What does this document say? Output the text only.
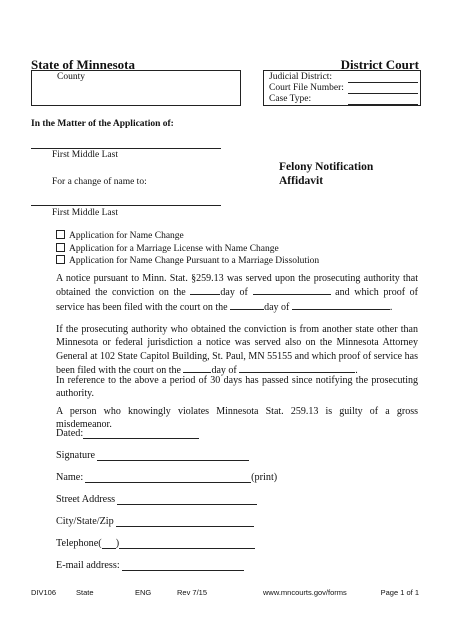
State of Minnesota	District Court
County	Judicial District:
Court File Number:
Case Type:
In the Matter of the Application of:
First Middle Last
For a change of name to:
First Middle Last
Felony Notification
Affidavit
Application for Name Change
Application for a Marriage License with Name Change
Application for Name Change Pursuant to a Marriage Dissolution
A notice pursuant to Minn. Stat. §259.13 was served upon the prosecuting authority that obtained the conviction on the	day of	and which proof of service has been filed with the court on the	day of	.
If the prosecuting authority who obtained the conviction is from another state other than Minnesota or federal jurisdiction a notice was served also on the Minnesota Attorney General at 102 State Capitol Building, St. Paul, MN 55155 and which proof of service has been filed with the court on the	day of	.
In reference to the above a period of 30 days has passed since notifying the prosecuting authority.
A person who knowingly violates Minnesota Stat. 259.13 is guilty of a gross misdemeanor.
Dated:
Signature
Name:	(print)
Street Address
City/State/Zip
Telephone( )
E-mail address:
DIV106	State	ENG	Rev 7/15	www.mncourts.gov/forms	Page 1 of 1
